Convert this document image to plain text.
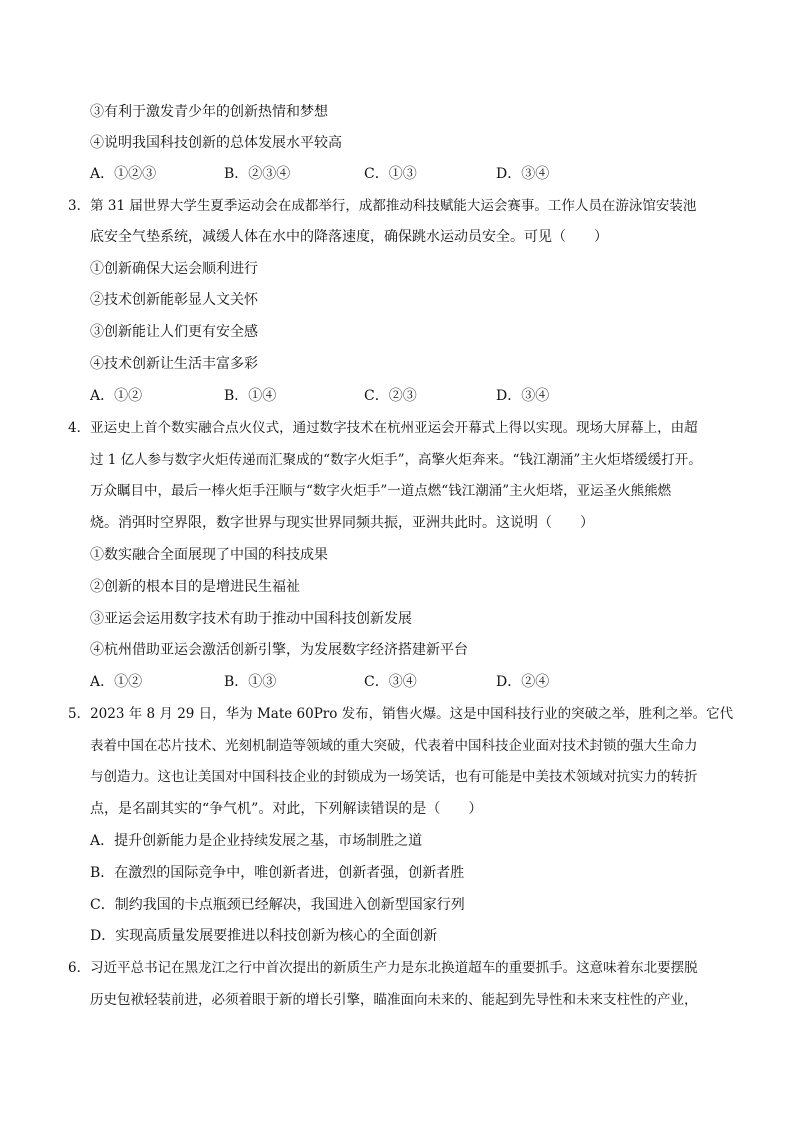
③有利于激发青少年的创新热情和梦想
④说明我国科技创新的总体发展水平较高
A．①②③	B．②③④	C．①③	D．③④
3．第 31 届世界大学生夏季运动会在成都举行，成都推动科技赋能大运会赛事。工作人员在游泳馆安装池
底安全气垫系统，减缓人体在水中的降落速度，确保跳水运动员安全。可见（　　）
①创新确保大运会顺利进行
②技术创新能彰显人文关怀
③创新能让人们更有安全感
④技术创新让生活丰富多彩
A．①②	B．①④	C．②③	D．③④
4．亚运史上首个数实融合点火仪式，通过数字技术在杭州亚运会开幕式上得以实现。现场大屏幕上，由超
过 1 亿人参与数字火炬传递而汇聚成的“数字火炬手”，高擎火炬奔来。“钱江潮涌”主火炬塔缓缓打开。
万众瞩目中，最后一棒火炬手汪顺与“数字火炬手”一道点燃“钱江潮涌”主火炬塔，亚运圣火熊熊燃
烧。消弭时空界限，数字世界与现实世界同频共振，亚洲共此时。这说明（　　）
①数实融合全面展现了中国的科技成果
②创新的根本目的是增进民生福祉
③亚运会运用数字技术有助于推动中国科技创新发展
④杭州借助亚运会激活创新引擎，为发展数字经济搭建新平台
A．①②	B．①③	C．③④	D．②④
5．2023 年 8 月 29 日，华为 Mate 60Pro 发布，销售火爆。这是中国科技行业的突破之举，胜利之举。它代
表着中国在芯片技术、光刻机制造等领域的重大突破，代表着中国科技企业面对技术封锁的强大生命力
与创造力。这也让美国对中国科技企业的封锁成为一场笑话，也有可能是中美技术领域对抗实力的转折
点，是名副其实的“争气机”。对此，下列解读错误的是（　　）
A．提升创新能力是企业持续发展之基，市场制胜之道
B．在激烈的国际竞争中，唯创新者进，创新者强，创新者胜
C．制约我国的卡点瓶颈已经解决，我国进入创新型国家行列
D．实现高质量发展要推进以科技创新为核心的全面创新
6．习近平总书记在黑龙江之行中首次提出的新质生产力是东北换道超车的重要抓手。这意味着东北要摆脱
历史包袱轻装前进，必须着眼于新的增长引擎，瞄准面向未来的、能起到先导性和未来支柱性的产业，
